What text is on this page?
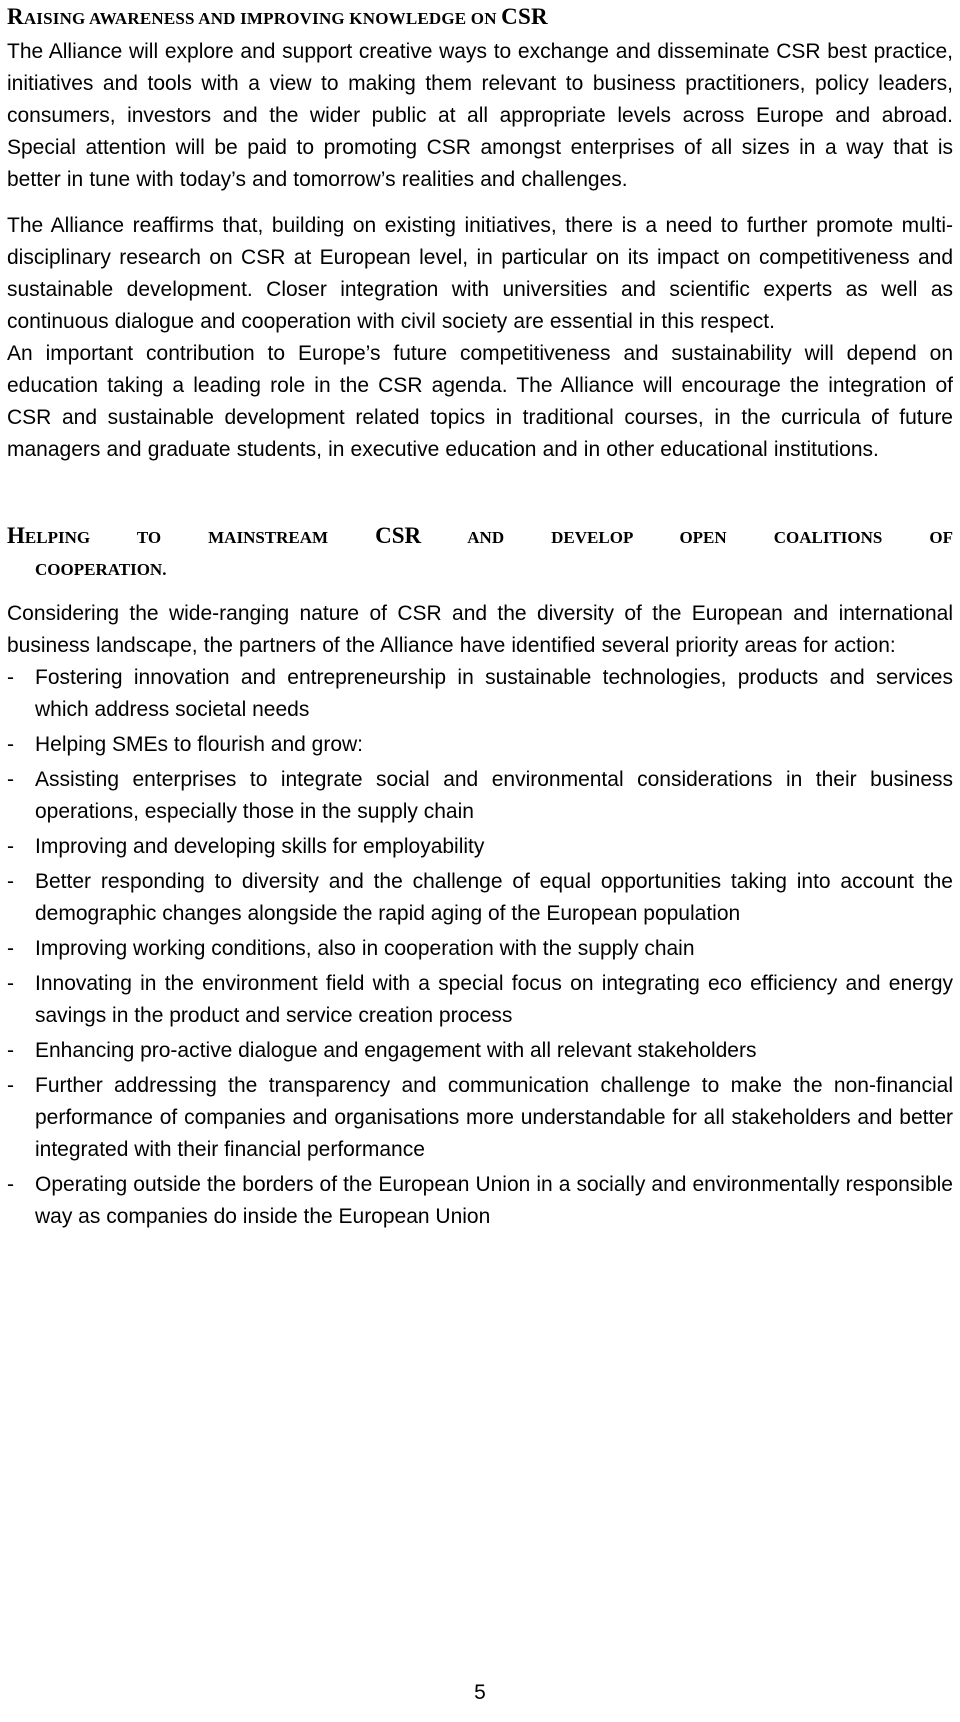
RAISING AWARENESS AND IMPROVING KNOWLEDGE ON CSR

The Alliance will explore and support creative ways to exchange and disseminate CSR best practice, initiatives and tools with a view to making them relevant to business practitioners, policy leaders, consumers, investors and the wider public at all appropriate levels across Europe and abroad. Special attention will be paid to promoting CSR amongst enterprises of all sizes in a way that is better in tune with today’s and tomorrow’s realities and challenges.

The Alliance reaffirms that, building on existing initiatives, there is a need to further promote multi-disciplinary research on CSR at European level, in particular on its impact on competitiveness and sustainable development. Closer integration with universities and scientific experts as well as continuous dialogue and cooperation with civil society are essential in this respect.

An important contribution to Europe’s future competitiveness and sustainability will depend on education taking a leading role in the CSR agenda. The Alliance will encourage the integration of CSR and sustainable development related topics in traditional courses, in the curricula of future managers and graduate students, in executive education and in other educational institutions.

HELPING	TO	MAINSTREAM CSR	AND	DEVELOP	OPEN	COALITIONS	OF
COOPERATION.

Considering the wide-ranging nature of CSR and the diversity of the European and international business landscape, the partners of the Alliance have identified several priority areas for action:

- Fostering innovation and entrepreneurship in sustainable technologies, products and services which address societal needs
- Helping SMEs to flourish and grow:
- Assisting enterprises to integrate social and environmental considerations in their business operations, especially those in the supply chain
- Improving and developing skills for employability
- Better responding to diversity and the challenge of equal opportunities taking into account the demographic changes alongside the rapid aging of the European population
- Improving working conditions, also in cooperation with the supply chain
- Innovating in the environment field with a special focus on integrating eco efficiency and energy savings in the product and service creation process
- Enhancing pro-active dialogue and engagement with all relevant stakeholders
- Further addressing the transparency and communication challenge to make the non-financial performance of companies and organisations more understandable for all stakeholders and better integrated with their financial performance
- Operating outside the borders of the European Union in a socially and environmentally responsible way as companies do inside the European Union
5
